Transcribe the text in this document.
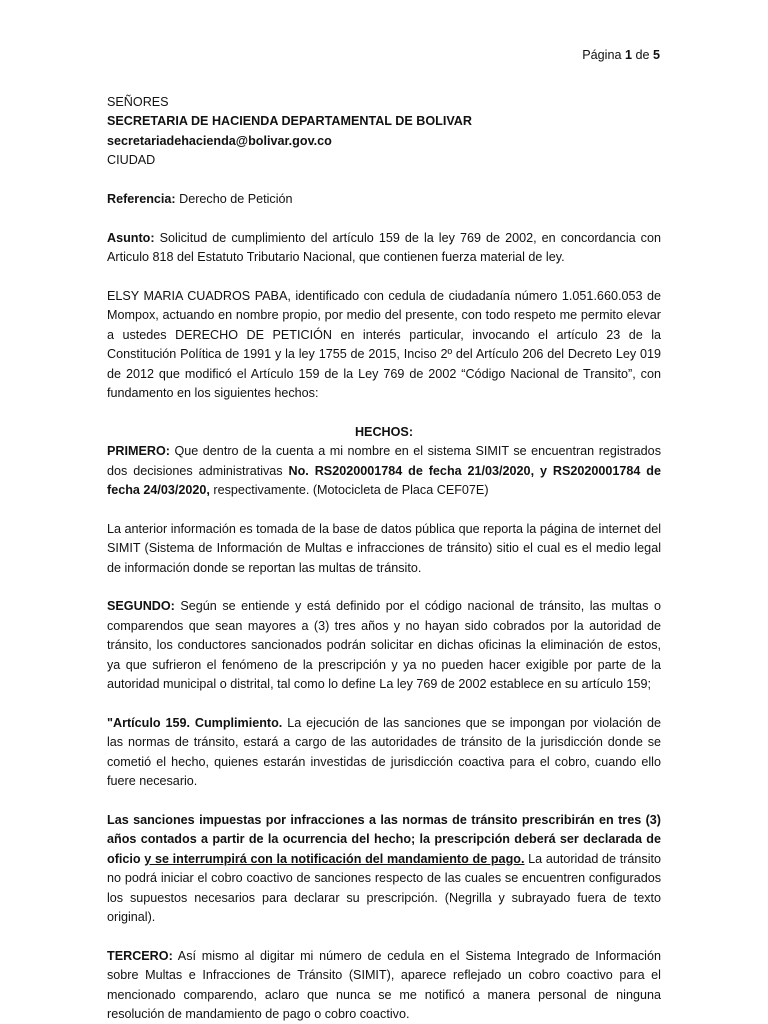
Página 1 de 5

SEÑORES

SECRETARIA DE HACIENDA DEPARTAMENTAL DE BOLIVAR

secretariadehacienda@bolivar.gov.co

CIUDAD

Referencia: Derecho de Petición

Asunto: Solicitud de cumplimiento del artículo 159 de la ley 769 de 2002, en concordancia con Articulo 818 del Estatuto Tributario Nacional, que contienen fuerza material de ley.

ELSY MARIA CUADROS PABA, identificado con cedula de ciudadanía número 1.051.660.053 de Mompox, actuando en nombre propio, por medio del presente, con todo respeto me permito elevar a ustedes DERECHO DE PETICIÓN en interés particular, invocando el artículo 23 de la Constitución Política de 1991 y la ley 1755 de 2015, Inciso 2º del Artículo 206 del Decreto Ley 019 de 2012 que modificó el Artículo 159 de la Ley 769 de 2002 “Código Nacional de Transito”, con fundamento en los siguientes hechos:

HECHOS:

PRIMERO: Que dentro de la cuenta a mi nombre en el sistema SIMIT se encuentran registrados dos decisiones administrativas No. RS2020001784 de fecha 21/03/2020, y RS2020001784 de fecha 24/03/2020, respectivamente. (Motocicleta de Placa CEF07E)

La anterior información es tomada de la base de datos pública que reporta la página de internet del SIMIT (Sistema de Información de Multas e infracciones de tránsito) sitio el cual es el medio legal de información donde se reportan las multas de tránsito.

SEGUNDO: Según se entiende y está definido por el código nacional de tránsito, las multas o comparendos que sean mayores a (3) tres años y no hayan sido cobrados por la autoridad de tránsito, los conductores sancionados podrán solicitar en dichas oficinas la eliminación de estos, ya que sufrieron el fenómeno de la prescripción y ya no pueden hacer exigible por parte de la autoridad municipal o distrital, tal como lo define La ley 769 de 2002 establece en su artículo 159;

"Artículo 159. Cumplimiento. La ejecución de las sanciones que se impongan por violación de las normas de tránsito, estará a cargo de las autoridades de tránsito de la jurisdicción donde se cometió el hecho, quienes estarán investidas de jurisdicción coactiva para el cobro, cuando ello fuere necesario.

Las sanciones impuestas por infracciones a las normas de tránsito prescribirán en tres (3) años contados a partir de la ocurrencia del hecho; la prescripción deberá ser declarada de oficio y se interrumpirá con la notificación del mandamiento de pago. La autoridad de tránsito no podrá iniciar el cobro coactivo de sanciones respecto de las cuales se encuentren configurados los supuestos necesarios para declarar su prescripción. (Negrilla y subrayado fuera de texto original).

TERCERO: Así mismo al digitar mi número de cedula en el Sistema Integrado de Información sobre Multas e Infracciones de Tránsito (SIMIT), aparece reflejado un cobro coactivo para el mencionado comparendo, aclaro que nunca se me notificó a manera personal de ninguna resolución de mandamiento de pago o cobro coactivo.
